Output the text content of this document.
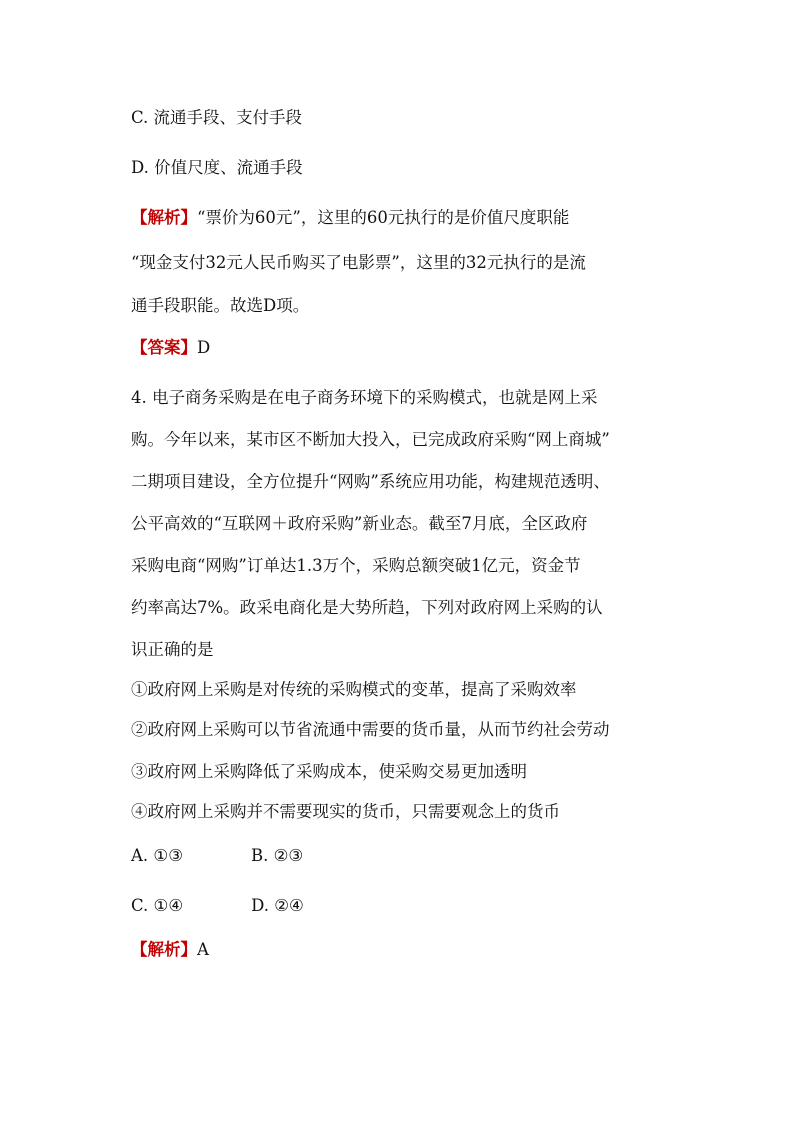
C. 流通手段、支付手段
D. 价值尺度、流通手段
【解析】“票价为60元”，这里的60元执行的是价值尺度职能
“现金支付32元人民币购买了电影票”，这里的32元执行的是流
通手段职能。故选D项。
【答案】D
4. 电子商务采购是在电子商务环境下的采购模式，也就是网上采
购。今年以来，某市区不断加大投入，已完成政府采购“网上商城”
二期项目建设，全方位提升“网购”系统应用功能，构建规范透明、
公平高效的“互联网＋政府采购”新业态。截至7月底，全区政府
采购电商“网购”订单达1.3万个，采购总额突破1亿元，资金节
约率高达7%。政采电商化是大势所趋，下列对政府网上采购的认
识正确的是
①政府网上采购是对传统的采购模式的变革，提高了采购效率
②政府网上采购可以节省流通中需要的货币量，从而节约社会劳动
③政府网上采购降低了采购成本，使采购交易更加透明
④政府网上采购并不需要现实的货币，只需要观念上的货币
A. ①③	B. ②③
C. ①④	D. ②④
【解析】A
